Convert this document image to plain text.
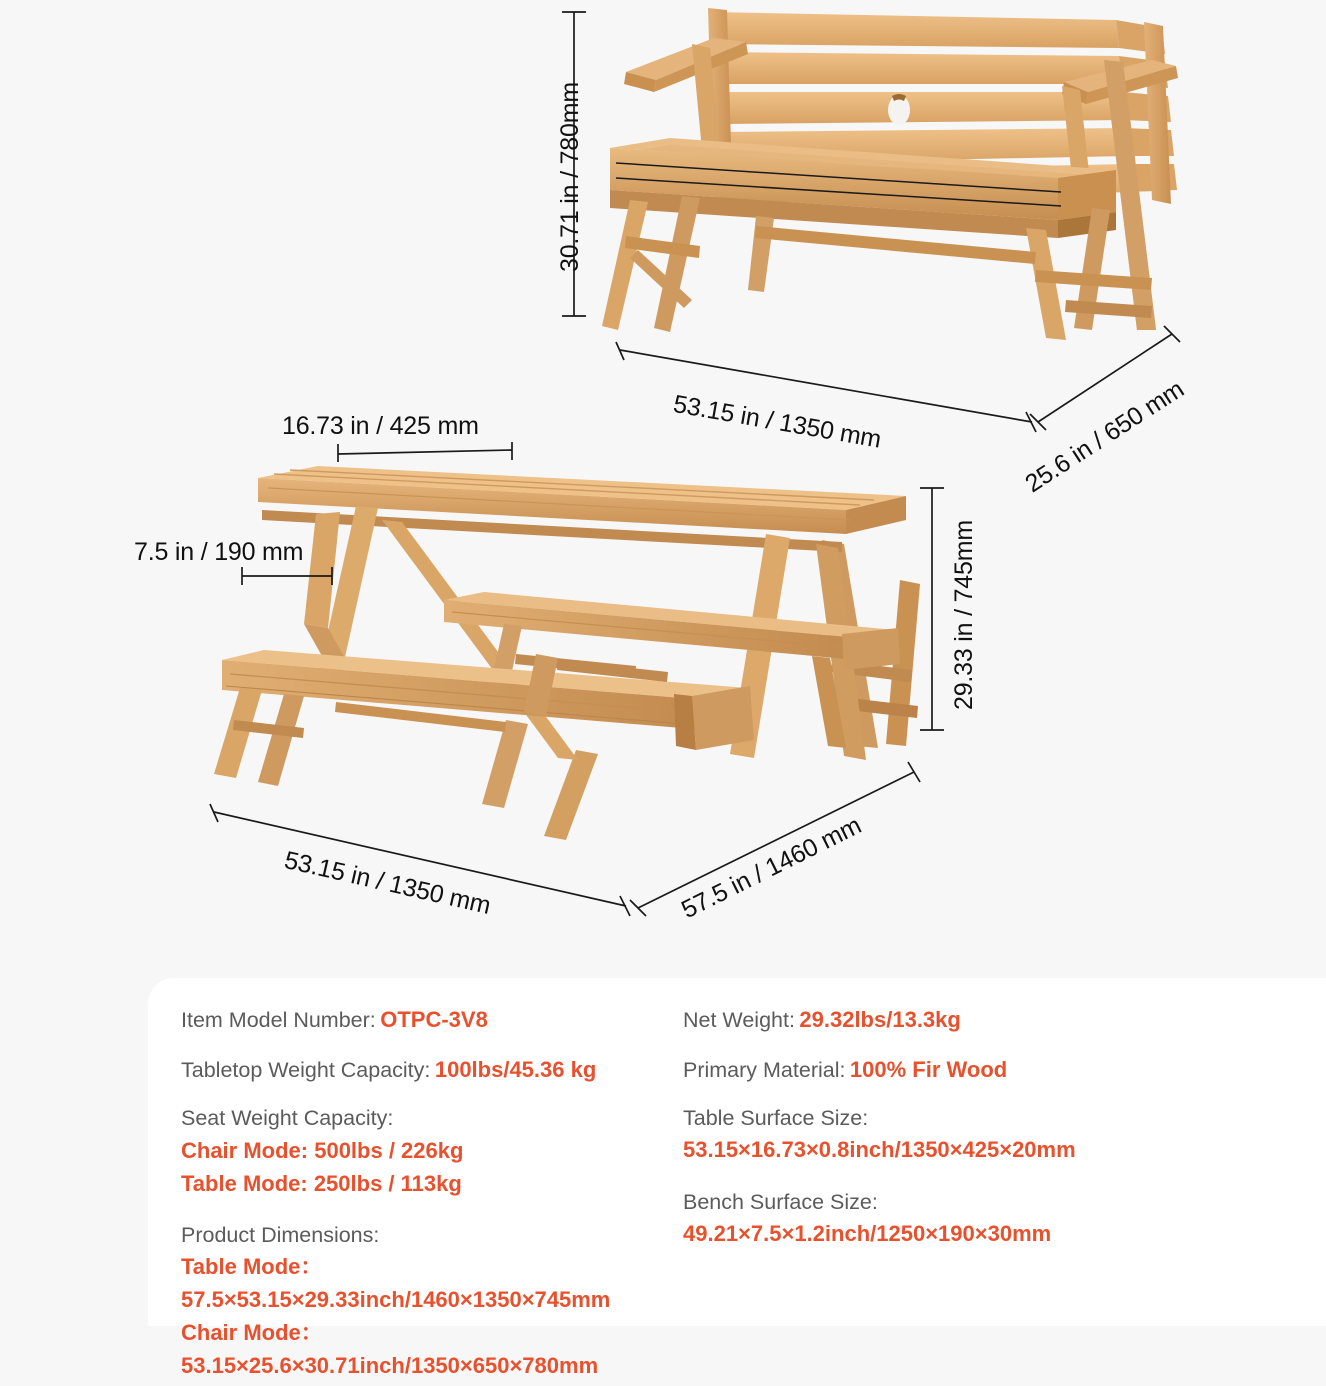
30.71 in / 780mm
53.15 in / 1350 mm	25.6 in / 650 mm
16.73 in / 425 mm
7.5 in / 190 mm	29.33 in / 745mm
53.15 in / 1350 mm	57.5 in / 1460 mm
Item Model Number: OTPC-3V8
Tabletop Weight Capacity: 100lbs/45.36 kg
Seat Weight Capacity:
Chair Mode: 500lbs / 226kg
Table Mode: 250lbs / 113kg
Product Dimensions:
Table Mode： 57.5×53.15×29.33inch/1460×1350×745mm
Chair Mode： 53.15×25.6×30.71inch/1350×650×780mm
Net Weight: 29.32lbs/13.3kg
Primary Material: 100% Fir Wood
Table Surface Size:
53.15×16.73×0.8inch/1350×425×20mm
Bench Surface Size:
49.21×7.5×1.2inch/1250×190×30mm
